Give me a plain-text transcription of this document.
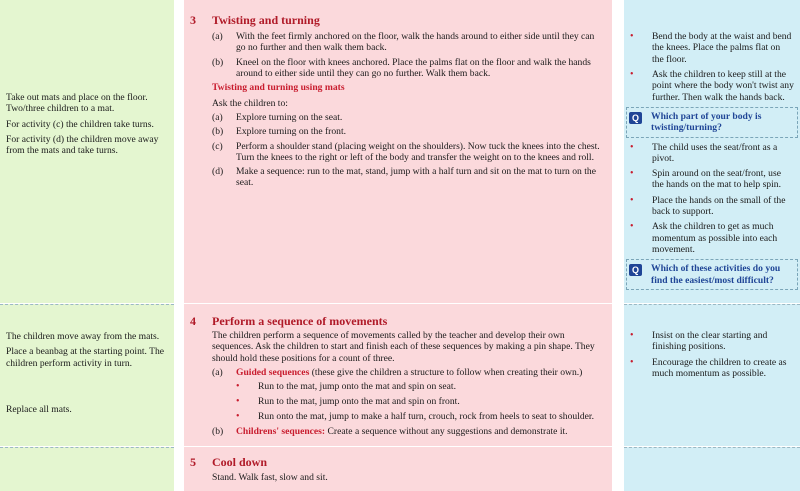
Take out mats and place on the floor. Two/three children to a mat.

For activity (c) the children take turns.

For activity (d) the children move away from the mats and take turns.

The children move away from the mats.

Place a beanbag at the starting point. The children perform activity in turn.

Replace all mats.

3	Twisting and turning
(a)	With the feet firmly anchored on the floor, walk the hands around to either side until they can go no further and then walk them back.
(b)	Kneel on the floor with knees anchored. Place the palms flat on the floor and walk the hands around to either side until they can go no further. Walk them back.
Twisting and turning using mats
Ask the children to:
(a)	Explore turning on the seat.
(b)	Explore turning on the front.
(c)	Perform a shoulder stand (placing weight on the shoulders). Now tuck the knees into the chest. Turn the knees to the right or left of the body and transfer the weight on to the knees and roll.
(d)	Make a sequence: run to the mat, stand, jump with a half turn and sit on the mat to turn on the seat.
4	Perform a sequence of movements
The children perform a sequence of movements called by the teacher and develop their own sequences. Ask the children to start and finish each of these sequences by making a pin shape. They should hold these positions for a count of three.
(a)	Guided sequences (these give the children a structure to follow when creating their own.)
•	Run to the mat, jump onto the mat and spin on seat.
•	Run to the mat, jump onto the mat and spin on front.
•	Run onto the mat, jump to make a half turn, crouch, rock from heels to seat to shoulder.
(b)	Childrens' sequences: Create a sequence without any suggestions and demonstrate it.
5	Cool down
Stand. Walk fast, slow and sit.
•	Bend the body at the waist and bend the knees. Place the palms flat on the floor.
•	Ask the children to keep still at the point where the body won't twist any further. Then walk the hands back.
Q	Which part of your body is twisting/turning?
•	The child uses the seat/front as a pivot.
•	Spin around on the seat/front, use the hands on the mat to help spin.
•	Place the hands on the small of the back to support.
•	Ask the children to get as much momentum as possible into each movement.
Q	Which of these activities do you find the easiest/most difficult?
•	Insist on the clear starting and finishing positions.
•	Encourage the children to create as much momentum as possible.
